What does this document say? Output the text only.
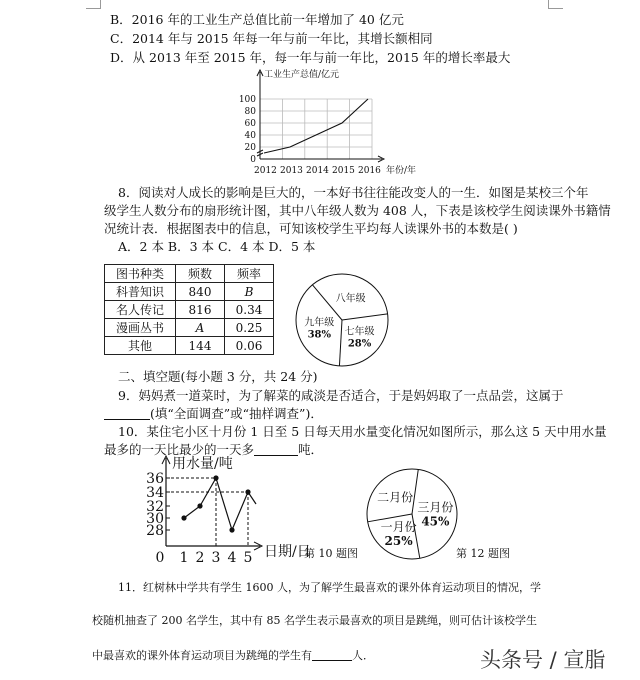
B．2016 年的工业生产总值比前一年增加了 40 亿元
C．2014 年与 2015 年每一年与前一年比，其增长额相同
D．从 2013 年至 2015 年，每一年与前一年比，2015 年的增长率最大
工业生产总值/亿元
100
80
60
40
20
0
2012 2013 2014 2015 2016 年份/年
8．阅读对人成长的影响是巨大的，一本好书往往能改变人的一生．如图是某校三个年
级学生人数分布的扇形统计图，其中八年级人数为 408 人，下表是该校学生阅读课外书籍情
况统计表．根据图表中的信息，可知该校学生平均每人读课外书的本数是( )
A．2 本 B．3 本 C．4 本 D．5 本
图书种类	频数	频率
科普知识	840	B
名人传记	816	0.34
漫画丛书	A	0.25
其他	144	0.06
八年级
七年级
28%
九年级
38%
二、填空题(每小题 3 分，共 24 分)
9．妈妈煮一道菜时，为了解菜的咸淡是否适合，于是妈妈取了一点品尝，这属于
(填“全面调查”或“抽样调查”)．
10．某住宅小区十月份 1 日至 5 日每天用水量变化情况如图所示，那么这 5 天中用水量
最多的一天比最少的一天多	吨．
用水量/吨
日期/日
36
34
32
30
28
0 1 2 3 4 5	第 10 题图
二月份
三月份
45%
一月份
25%
第 12 题图
11．红树林中学共有学生 1600 人，为了解学生最喜欢的课外体育运动项目的情况，学
校随机抽查了 200 名学生，其中有 85 名学生表示最喜欢的项目是跳绳，则可估计该校学生
中最喜欢的课外体育运动项目为跳绳的学生有	人．	头条号 / 宣脂
